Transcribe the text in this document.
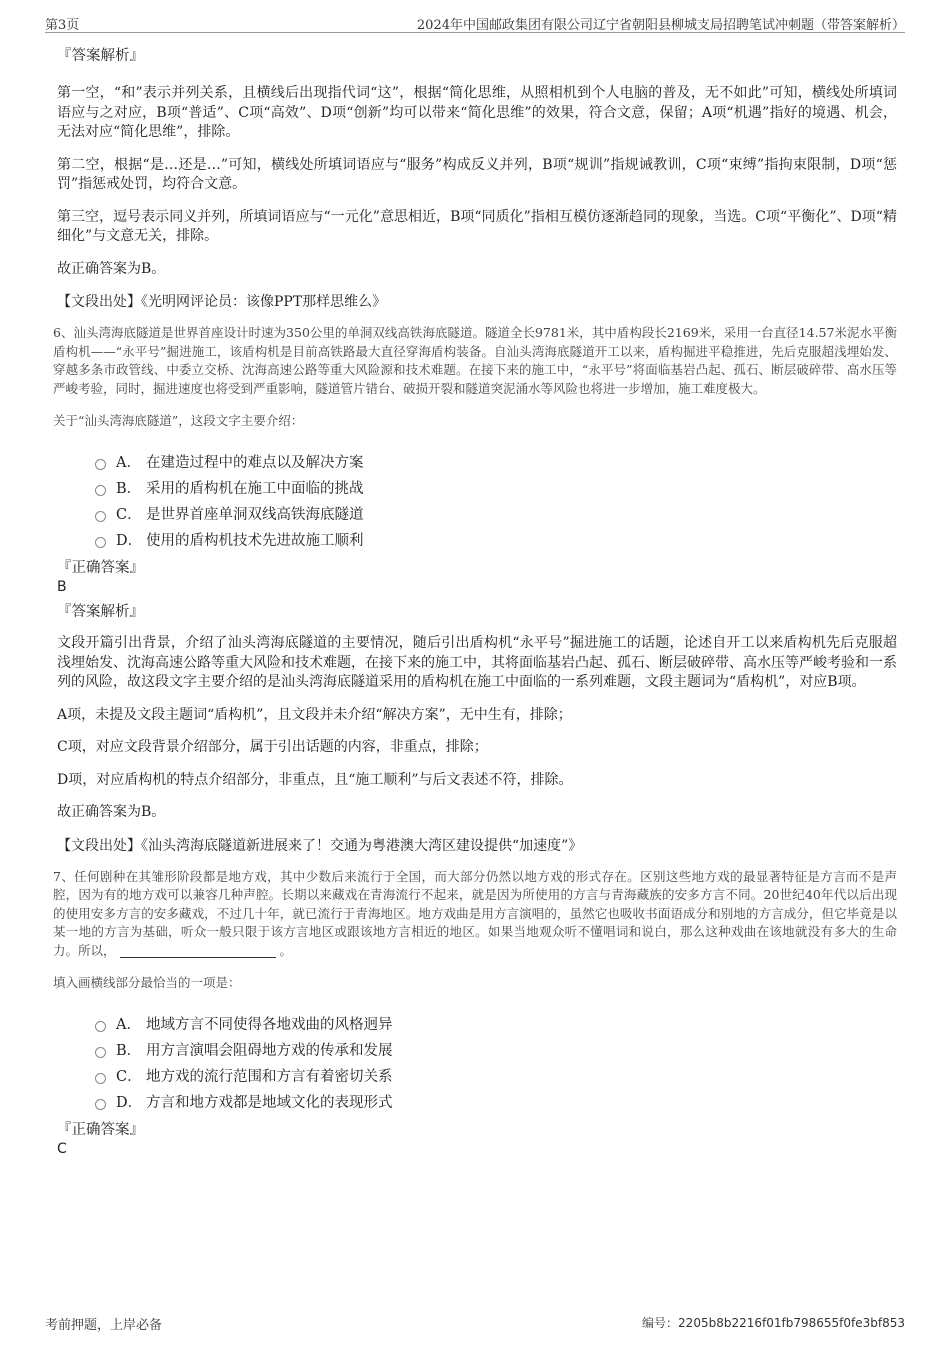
第3页	2024年中国邮政集团有限公司辽宁省朝阳县柳城支局招聘笔试冲刺题（带答案解析）
『答案解析』

第一空，“和”表示并列关系，且横线后出现指代词“这”，根据“简化思维，从照相机到个人电脑的普及，无不如此”可知，横线处所填词语应与之对应，B项“普适”、C项“高效”、D项“创新”均可以带来“简化思维”的效果，符合文意，保留；A项“机遇”指好的境遇、机会，无法对应“简化思维”，排除。

第二空，根据“是…还是…”可知，横线处所填词语应与“服务”构成反义并列，B项“规训”指规诫教训，C项“束缚”指拘束限制，D项“惩罚”指惩戒处罚，均符合文意。

第三空，逗号表示同义并列，所填词语应与“一元化”意思相近，B项“同质化”指相互模仿逐渐趋同的现象，当选。C项“平衡化”、D项“精细化”与文意无关，排除。

故正确答案为B。

【文段出处】《光明网评论员：该像PPT那样思维么》

6、汕头湾海底隧道是世界首座设计时速为350公里的单洞双线高铁海底隧道。隧道全长9781米，其中盾构段长2169米，采用一台直径14.57米泥水平衡盾构机——“永平号”掘进施工，该盾构机是目前高铁路最大直径穿海盾构装备。自汕头湾海底隧道开工以来，盾构掘进平稳推进，先后克服超浅埋始发、穿越多条市政管线、中委立交桥、沈海高速公路等重大风险源和技术难题。在接下来的施工中，“永平号”将面临基岩凸起、孤石、断层破碎带、高水压等严峻考验，同时，掘进速度也将受到严重影响，隧道管片错台、破损开裂和隧道突泥涌水等风险也将进一步增加，施工难度极大。

关于“汕头湾海底隧道”，这段文字主要介绍：

A． 在建造过程中的难点以及解决方案
B． 采用的盾构机在施工中面临的挑战
C． 是世界首座单洞双线高铁海底隧道
D． 使用的盾构机技术先进故施工顺利
『正确答案』
B
『答案解析』

文段开篇引出背景，介绍了汕头湾海底隧道的主要情况，随后引出盾构机“永平号”掘进施工的话题，论述自开工以来盾构机先后克服超浅埋始发、沈海高速公路等重大风险和技术难题，在接下来的施工中，其将面临基岩凸起、孤石、断层破碎带、高水压等严峻考验和一系列的风险，故这段文字主要介绍的是汕头湾海底隧道采用的盾构机在施工中面临的一系列难题，文段主题词为“盾构机”，对应B项。

A项，未提及文段主题词“盾构机”，且文段并未介绍“解决方案”，无中生有，排除；

C项，对应文段背景介绍部分，属于引出话题的内容，非重点，排除；

D项，对应盾构机的特点介绍部分，非重点，且“施工顺利”与后文表述不符，排除。

故正确答案为B。

【文段出处】《汕头湾海底隧道新进展来了！交通为粤港澳大湾区建设提供“加速度”》

7、任何剧种在其雏形阶段都是地方戏，其中少数后来流行于全国，而大部分仍然以地方戏的形式存在。区别这些地方戏的最显著特征是方言而不是声腔，因为有的地方戏可以兼容几种声腔。长期以来藏戏在青海流行不起来，就是因为所使用的方言与青海藏族的安多方言不同。20世纪40年代以后出现的使用安多方言的安多藏戏，不过几十年，就已流行于青海地区。地方戏曲是用方言演唱的，虽然它也吸收书面语成分和别地的方言成分，但它毕竟是以某一地的方言为基础，听众一般只限于该方言地区或跟该地方言相近的地区。如果当地观众听不懂唱词和说白，那么这种戏曲在该地就没有多大的生命力。所以，	。

填入画横线部分最恰当的一项是：

A． 地域方言不同使得各地戏曲的风格迥异
B． 用方言演唱会阻碍地方戏的传承和发展
C． 地方戏的流行范围和方言有着密切关系
D． 方言和地方戏都是地域文化的表现形式
『正确答案』
C
考前押题，上岸必备	编号：2205b8b2216f01fb798655f0fe3bf853
